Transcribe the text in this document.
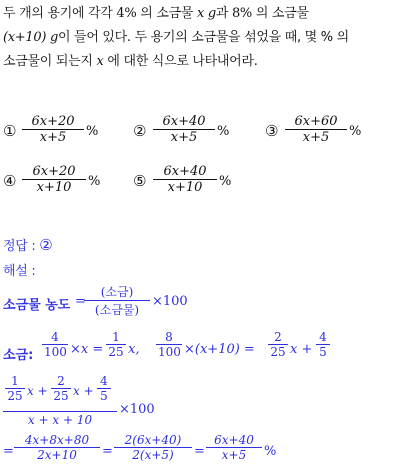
두 개의 용기에 각각 4% 의 소금물 x g과 8% 의 소금물
(x+10) g이 들어 있다. 두 용기의 소금물을 섞었을 때, 몇 % 의
소금물이 되는지 x 에 대한 식으로 나타내어라.
①
6x+20
x+5	% ②
6x+40
x+5	% ③
6x+60
x+5	%
④
6x+20
x+10	% ⑤
6x+40
x+10	%
정답 : ②
해설 :
소금물 농도 =
(소금)
(소금물)
×100
소금:
4
100 ×x =
1
25 x,
8
100 ×(x+10) =
2
25 x +
4
5
1
25 x +
2
25 x +
4
5
x + x + 10
×100
=
4x+8x+80
2x+10	=
2(6x+40)
2(x+5)	=
6x+40
x+5	%
